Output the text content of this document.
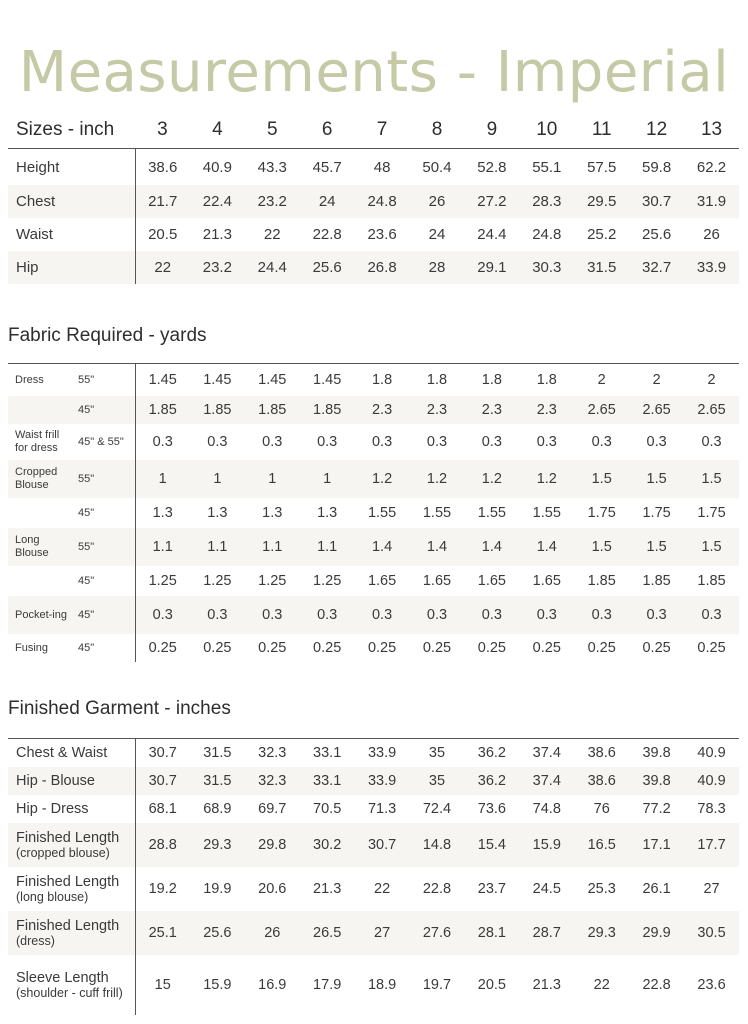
Measurements - Imperial
Sizes - inch	3	4	5	6	7	8	9	10	11	12	13
Height	38.6	40.9	43.3	45.7	48	50.4	52.8	55.1	57.5	59.8	62.2
Chest	21.7	22.4	23.2	24	24.8	26	27.2	28.3	29.5	30.7	31.9
Waist	20.5	21.3	22	22.8	23.6	24	24.4	24.8	25.2	25.6	26
Hip	22	23.2	24.4	25.6	26.8	28	29.1	30.3	31.5	32.7	33.9
Fabric Required - yards
Dress	55"	1.45	1.45	1.45	1.45	1.8	1.8	1.8	1.8	2	2	2
	45"	1.85	1.85	1.85	1.85	2.3	2.3	2.3	2.3	2.65	2.65	2.65
Waist frill for dress	45" & 55"	0.3	0.3	0.3	0.3	0.3	0.3	0.3	0.3	0.3	0.3	0.3
Cropped Blouse	55"	1	1	1	1	1.2	1.2	1.2	1.2	1.5	1.5	1.5
	45"	1.3	1.3	1.3	1.3	1.55	1.55	1.55	1.55	1.75	1.75	1.75
Long Blouse	55"	1.1	1.1	1.1	1.1	1.4	1.4	1.4	1.4	1.5	1.5	1.5
	45"	1.25	1.25	1.25	1.25	1.65	1.65	1.65	1.65	1.85	1.85	1.85
Pocket-ing	45"	0.3	0.3	0.3	0.3	0.3	0.3	0.3	0.3	0.3	0.3	0.3
Fusing	45"	0.25	0.25	0.25	0.25	0.25	0.25	0.25	0.25	0.25	0.25	0.25
Finished Garment - inches
Chest & Waist	30.7	31.5	32.3	33.1	33.9	35	36.2	37.4	38.6	39.8	40.9
Hip - Blouse	30.7	31.5	32.3	33.1	33.9	35	36.2	37.4	38.6	39.8	40.9
Hip - Dress	68.1	68.9	69.7	70.5	71.3	72.4	73.6	74.8	76	77.2	78.3
Finished Length
(cropped blouse)	28.8	29.3	29.8	30.2	30.7	14.8	15.4	15.9	16.5	17.1	17.7
Finished Length
(long blouse)	19.2	19.9	20.6	21.3	22	22.8	23.7	24.5	25.3	26.1	27
Finished Length
(dress)	25.1	25.6	26	26.5	27	27.6	28.1	28.7	29.3	29.9	30.5
Sleeve Length
(shoulder - cuff frill)	15	15.9	16.9	17.9	18.9	19.7	20.5	21.3	22	22.8	23.6
